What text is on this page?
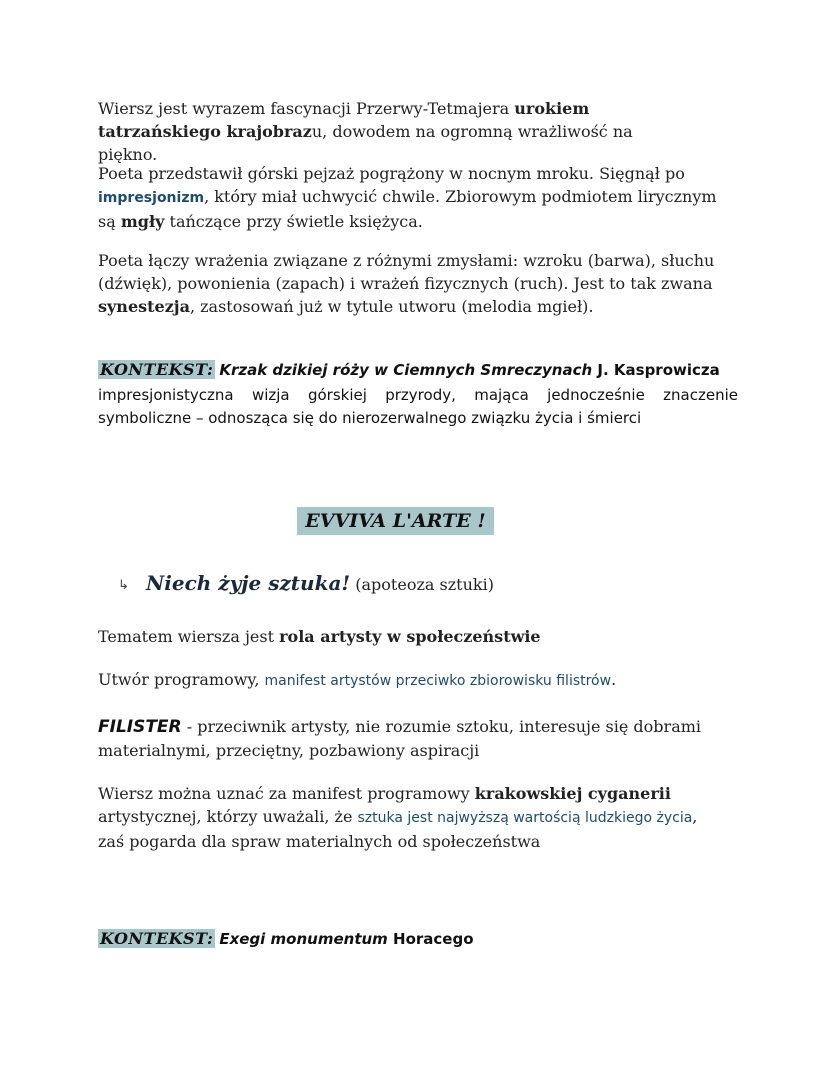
Wiersz jest wyrazem fascynacji Przerwy-Tetmajera urokiem tatrzańskiego krajobrazu, dowodem na ogromną wrażliwość na piękno.
Poeta przedstawił górski pejzaż pogrążony w nocnym mroku. Sięgnął po impresjonizm, który miał uchwycić chwile. Zbiorowym podmiotem lirycznym są mgły tańczące przy świetle księżyca.
Poeta łączy wrażenia związane z różnymi zmysłami: wzroku (barwa), słuchu (dźwięk), powonienia (zapach) i wrażeń fizycznych (ruch). Jest to tak zwana synestezja, zastosowań już w tytule utworu (melodia mgieł).
KONTEKST: Krzak dzikiej róży w Ciemnych Smreczynach J. Kasprowicza
impresjonistyczna wizja górskiej przyrody, mająca jednocześnie znaczenie
symboliczne – odnosząca się do nierozerwalnego związku życia i śmierci
EVVIVA L'ARTE !
↳ Niech żyje sztuka! (apoteoza sztuki)
Tematem wiersza jest rola artysty w społeczeństwie
Utwór programowy, manifest artystów przeciwko zbiorowisku filistrów.
FILISTER - przeciwnik artysty, nie rozumie sztoku, interesuje się dobrami materialnymi, przeciętny, pozbawiony aspiracji
Wiersz można uznać za manifest programowy krakowskiej cyganerii artystycznej, którzy uważali, że sztuka jest najwyższą wartością ludzkiego życia, zaś pogarda dla spraw materialnych od społeczeństwa
KONTEKST: Exegi monumentum Horacego
